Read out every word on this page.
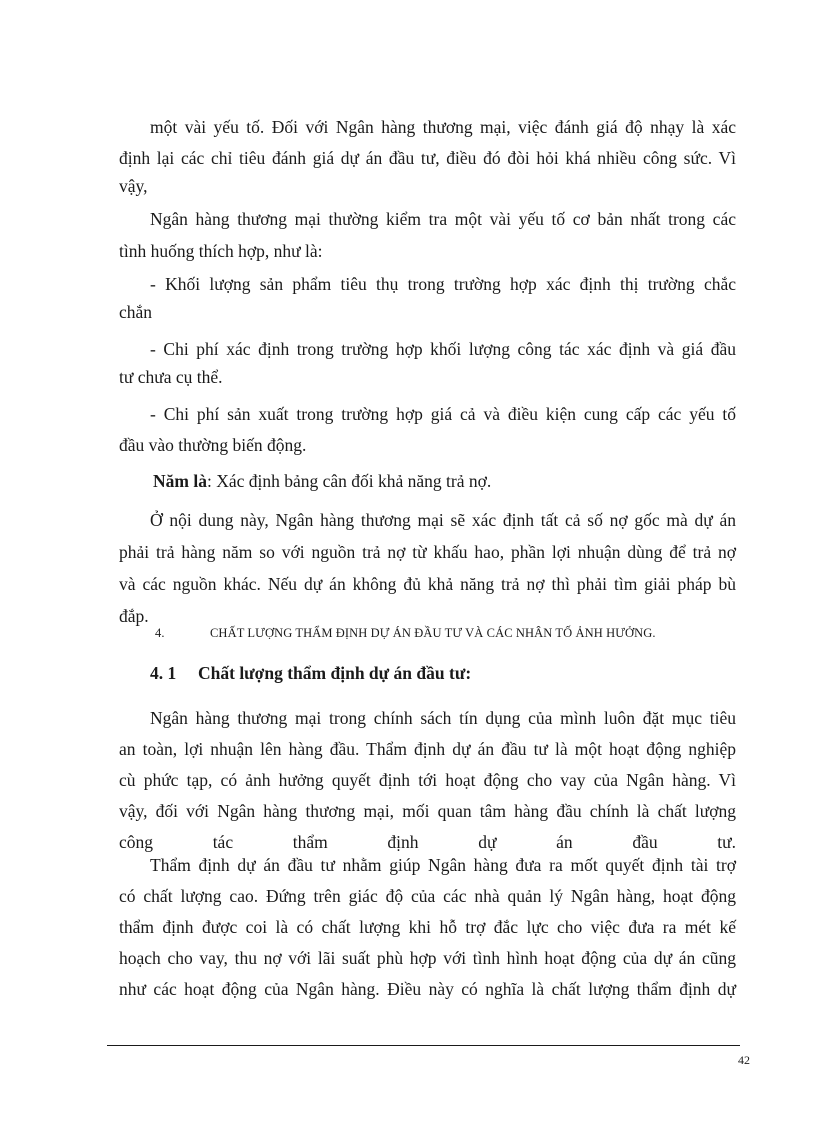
một vài yếu tố. Đối với Ngân hàng thương mại, việc đánh giá độ nhạy là xác
định lại các chỉ tiêu đánh giá dự án đầu tư, điều đó đòi hỏi khá nhiều công sức. Vì
vậy,
Ngân hàng thương mại thường kiểm tra một vài yếu tố cơ bản nhất trong các
tình huống thích hợp, như là:
- Khối lượng sản phẩm tiêu thụ trong trường hợp xác định thị trường chắc
chắn
- Chi phí xác định trong trường hợp khối lượng công tác xác định và giá đầu
tư chưa cụ thể.
- Chi phí sản xuất trong trường hợp giá cả và điều kiện cung cấp các yếu tố
đầu vào thường biến động.
Năm là: Xác định bảng cân đối khả năng trả nợ.
Ở nội dung này, Ngân hàng thương mại sẽ xác định tất cả số nợ gốc mà dự án
phải trả hàng năm so với nguồn trả nợ từ khấu hao, phần lợi nhuận dùng để trả nợ
và các nguồn khác. Nếu dự án không đủ khả năng trả nợ thì phải tìm giải pháp bù
đắp.
4.	CHẤT LƯỢNG THẨM ĐỊNH DỰ ÁN ĐẦU TƯ VÀ CÁC NHÂN TỐ ẢNH HƯỞNG.
4. 1 Chất lượng thẩm định dự án đầu tư:
Ngân hàng thương mại trong chính sách tín dụng của mình luôn đặt mục tiêu
an toàn, lợi nhuận lên hàng đầu. Thẩm định dự án đầu tư là một hoạt động nghiệp
cù phức tạp, có ảnh hưởng quyết định tới hoạt động cho vay của Ngân hàng. Vì
vậy, đối với Ngân hàng thương mại, mối quan tâm hàng đầu chính là chất lượng
công tác thẩm định dự án đầu tư.
Thẩm định dự án đầu tư nhằm giúp Ngân hàng đưa ra mốt quyết định tài trợ
có chất lượng cao. Đứng trên giác độ của các nhà quản lý Ngân hàng, hoạt động
thẩm định được coi là có chất lượng khi hỗ trợ đắc lực cho việc đưa ra mét kế
hoạch cho vay, thu nợ với lãi suất phù hợp với tình hình hoạt động của dự án cũng
như các hoạt động của Ngân hàng. Điều này có nghĩa là chất lượng thẩm định dự
42
